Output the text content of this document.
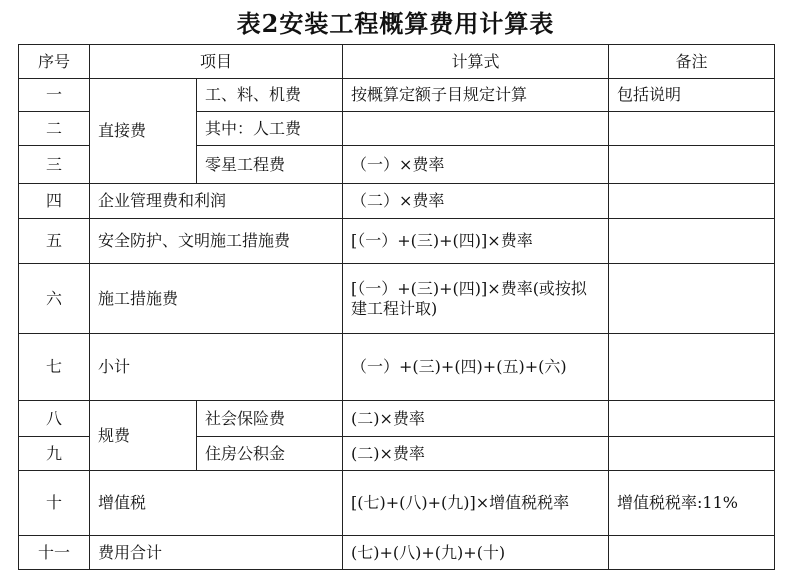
表2安装工程概算费用计算表
序号	项目		计算式	备注
一	直接费	工、料、机费	按概算定额子目规定计算	包括说明
二		其中：人工费		
三		零星工程费	（一）×费率	
四	企业管理费和利润		（二）×费率	
五	安全防护、文明施工措施费		[（一）+(三)+(四)]×费率	
六	施工措施费		[（一）+(三)+(四)]×费率(或按拟建工程计取)	
七	小计		（一）+(三)+(四)+(五)+(六)	
八	规费	社会保险费	(二)×费率	
九		住房公积金	(二)×费率	
十	增值税		[(七)+(八)+(九)]×增值税税率	增值税税率:11%
十一	费用合计		(七)+(八)+(九)+(十)	
